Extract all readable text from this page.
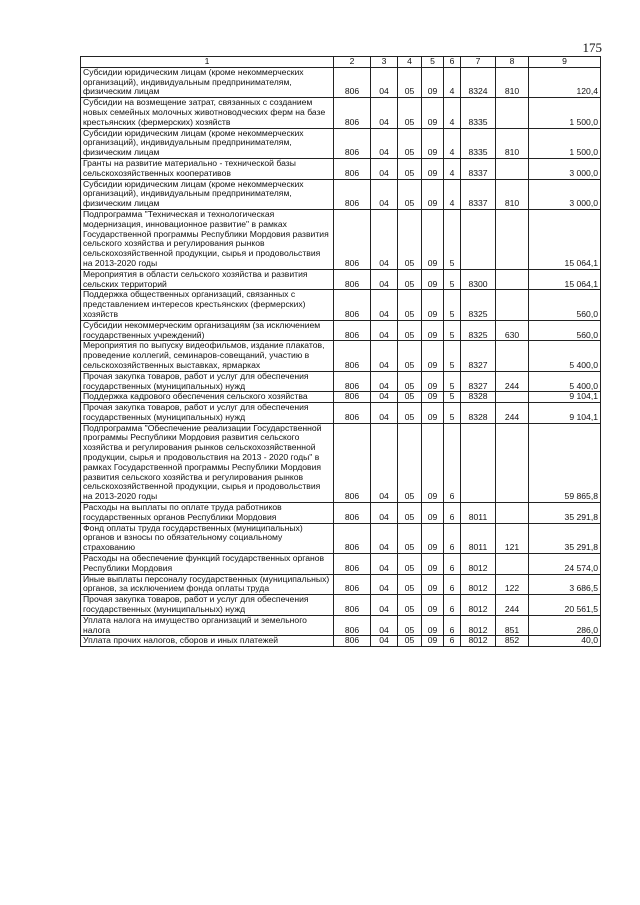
175
1	2	3	4	5	6	7	8	9
Субсидии юридическим лицам (кроме некоммерческих организаций), индивидуальным предпринимателям, физическим лицам	806	04	05	09	4	8324	810	120,4
Субсидии на возмещение затрат, связанных с созданием новых семейных молочных животноводческих ферм на базе крестьянских (фермерских) хозяйств	806	04	05	09	4	8335		1 500,0
Субсидии юридическим лицам (кроме некоммерческих организаций), индивидуальным предпринимателям, физическим лицам	806	04	05	09	4	8335	810	1 500,0
Гранты на развитие материально - технической базы сельскохозяйственных кооперативов	806	04	05	09	4	8337		3 000,0
Субсидии юридическим лицам (кроме некоммерческих организаций), индивидуальным предпринимателям, физическим лицам	806	04	05	09	4	8337	810	3 000,0
Подпрограмма "Техническая и технологическая модернизация, инновационное развитие" в рамках Государственной программы Республики Мордовия развития сельского хозяйства и регулирования рынков сельскохозяйственной продукции, сырья и продовольствия на 2013-2020 годы	806	04	05	09	5			15 064,1
Мероприятия в области сельского хозяйства и развития сельских территорий	806	04	05	09	5	8300		15 064,1
Поддержка общественных организаций, связанных с представлением интересов крестьянских (фермерских) хозяйств	806	04	05	09	5	8325		560,0
Субсидии некоммерческим организациям (за исключением государственных учреждений)	806	04	05	09	5	8325	630	560,0
Мероприятия по выпуску видеофильмов, издание плакатов, проведение коллегий, семинаров-совещаний, участию в сельскохозяйственных выставках, ярмарках	806	04	05	09	5	8327		5 400,0
Прочая закупка товаров, работ и услуг для обеспечения государственных (муниципальных) нужд	806	04	05	09	5	8327	244	5 400,0
Поддержка кадрового обеспечения сельского хозяйства	806	04	05	09	5	8328		9 104,1
Прочая закупка товаров, работ и услуг для обеспечения государственных (муниципальных) нужд	806	04	05	09	5	8328	244	9 104,1
Подпрограмма "Обеспечение реализации Государственной программы Республики Мордовия развития сельского хозяйства и регулирования рынков сельскохозяйственной продукции, сырья и продовольствия на 2013 - 2020 годы" в рамках Государственной программы Республики Мордовия развития сельского хозяйства и регулирования рынков сельскохозяйственной продукции, сырья и продовольствия на 2013-2020 годы	806	04	05	09	6			59 865,8
Расходы на выплаты по оплате труда работников государственных органов Республики Мордовия	806	04	05	09	6	8011		35 291,8
Фонд оплаты труда государственных (муниципальных) органов и взносы по обязательному социальному страхованию	806	04	05	09	6	8011	121	35 291,8
Расходы на обеспечение функций государственных органов Республики Мордовия	806	04	05	09	6	8012		24 574,0
Иные выплаты персоналу государственных (муниципальных) органов, за исключением фонда оплаты труда	806	04	05	09	6	8012	122	3 686,5
Прочая закупка товаров, работ и услуг для обеспечения государственных (муниципальных) нужд	806	04	05	09	6	8012	244	20 561,5
Уплата налога на имущество организаций и земельного налога	806	04	05	09	6	8012	851	286,0
Уплата прочих налогов, сборов и иных платежей	806	04	05	09	6	8012	852	40,0
